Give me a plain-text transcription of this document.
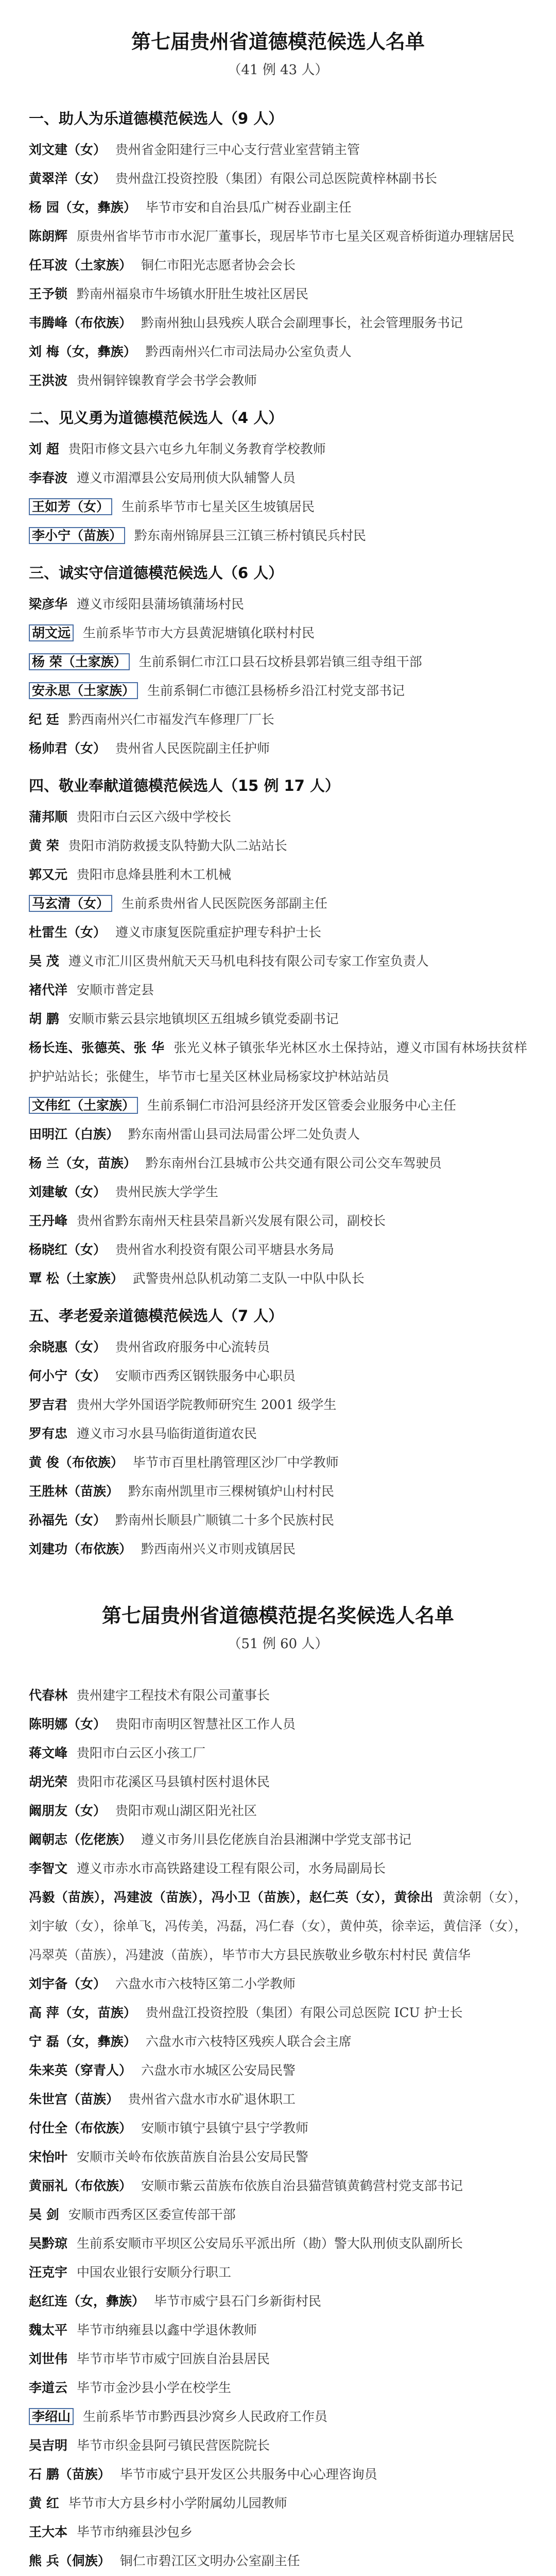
第七届贵州省道德模范候选人名单
（41 例 43 人）
一、助人为乐道德模范候选人（9 人）
刘文建（女） 贵州省金阳建行三中心支行营业室营销主管
黄翠洋（女） 贵州盘江投资控股（集团）有限公司总医院黄梓林副书长
杨 园（女，彝族） 毕节市安和自治县瓜广树吞业副主任
陈朗辉 原贵州省毕节市市水泥厂董事长，现居毕节市七星关区观音桥街道办理辖居民
任耳波（土家族） 铜仁市阳光志愿者协会会长
王予锁 黔南州福泉市牛场镇水肝肚生坡社区居民
韦腾峰（布依族） 黔南州独山县残疾人联合会副理事长，社会管理服务书记
刘 梅（女，彝族） 黔西南州兴仁市司法局办公室负责人
王洪波 贵州铜锌镍教育学会书学会教师
二、见义勇为道德模范候选人（4 人）
刘 超 贵阳市修文县六屯乡九年制义务教育学校教师
李春波 遵义市湄潭县公安局刑侦大队辅警人员
王如芳（女） 生前系毕节市七星关区生坡镇居民
李小宁（苗族） 黔东南州锦屏县三江镇三桥村镇民兵村民
三、诚实守信道德模范候选人（6 人）
梁彦华 遵义市绥阳县蒲场镇蒲场村民
胡文远 生前系毕节市大方县黄泥塘镇化联村村民
杨 荣（土家族） 生前系铜仁市江口县石坟桥县郭岩镇三组寺组干部
安永思（土家族） 生前系铜仁市德江县杨桥乡沿江村党支部书记
纪 廷 黔西南州兴仁市福发汽车修理厂厂长
杨帅君（女） 贵州省人民医院副主任护师
四、敬业奉献道德模范候选人（15 例 17 人）
蒲邦顺 贵阳市白云区六级中学校长
黄 荣 贵阳市消防救援支队特勤大队二站站长
郭又元 贵阳市息烽县胜利木工机械
马玄清（女） 生前系贵州省人民医院医务部副主任
杜雷生（女） 遵义市康复医院重症护理专科护士长
吴 茂 遵义市汇川区贵州航天天马机电科技有限公司专家工作室负责人
褚代洋 安顺市普定县
胡 鹏 安顺市紫云县宗地镇坝区五组城乡镇党委副书记
杨长连、张德英、张 华 张光义林子镇张华光林区水土保持站，遵义市国有林场扶贫样护护站站长；张健生，毕节市七星关区林业局杨家坟护林站站员
文伟红（土家族） 生前系铜仁市沿河县经济开发区管委会业服务中心主任
田明江（白族） 黔东南州雷山县司法局雷公坪二处负责人
杨 兰（女，苗族） 黔东南州台江县城市公共交通有限公司公交车驾驶员
刘建敏（女） 贵州民族大学学生
王丹峰 贵州省黔东南州天柱县荣昌新兴发展有限公司，副校长
杨晓红（女） 贵州省水利投资有限公司平塘县水务局
覃 松（土家族） 武警贵州总队机动第二支队一中队中队长
五、孝老爱亲道德模范候选人（7 人）
余晓惠（女） 贵州省政府服务中心流转员
何小宁（女） 安顺市西秀区钢铁服务中心职员
罗吉君 贵州大学外国语学院教师研究生 2001 级学生
罗有忠 遵义市习水县马临街道街道农民
黄 俊（布依族） 毕节市百里杜鹃管理区沙厂中学教师
王胜林（苗族） 黔东南州凯里市三棵树镇炉山村村民
孙福先（女） 黔南州长顺县广顺镇二十多个民族村民
刘建功（布依族） 黔西南州兴义市则戎镇居民
第七届贵州省道德模范提名奖候选人名单
（51 例 60 人）
代春林 贵州建宇工程技术有限公司董事长
陈明娜（女） 贵阳市南明区智慧社区工作人员
蒋文峰 贵阳市白云区小孩工厂
胡光荣 贵阳市花溪区马县镇村医村退休民
阚朋友（女） 贵阳市观山湖区阳光社区
阚朝志（仡佬族） 遵义市务川县仡佬族自治县湘渊中学党支部书记
李智文 遵义市赤水市高铁路建设工程有限公司，水务局副局长
冯毅（苗族），冯建波（苗族），冯小卫（苗族），赵仁英（女），黄徐出 黄涂朝（女），刘宇敏（女），徐单飞，冯传美，冯磊，冯仁春（女），黄仲英，徐幸运，黄信泽（女），冯翠英（苗族），冯建波（苗族），毕节市大方县民族敬业乡敬东村村民 黄信华
刘宇备（女） 六盘水市六枝特区第二小学教师
高 萍（女，苗族） 贵州盘江投资控股（集团）有限公司总医院 ICU 护士长
宁 磊（女，彝族） 六盘水市六枝特区残疾人联合会主席
朱来英（穿青人） 六盘水市水城区公安局民警
朱世宫（苗族） 贵州省六盘水市水矿退休职工
付仕全（布依族） 安顺市镇宁县镇宁县宁学教师
宋怡叶 安顺市关岭布依族苗族自治县公安局民警
黄丽礼（布依族） 安顺市紫云苗族布依族自治县猫营镇黄鹤营村党支部书记
吴 剑 安顺市西秀区区委宣传部干部
吴黔琼 生前系安顺市平坝区公安局乐平派出所（勘）警大队刑侦支队副所长
汪克宇 中国农业银行安顺分行职工
赵红连（女，彝族） 毕节市威宁县石门乡新街村民
魏太平 毕节市纳雍县以鑫中学退休教师
刘世伟 毕节市毕节市威宁回族自治县居民
李道云 毕节市金沙县小学在校学生
李绍山 生前系毕节市黔西县沙窝乡人民政府工作员
吴吉明 毕节市织金县阿弓镇民营医院院长
石 鹏（苗族） 毕节市威宁县开发区公共服务中心心理咨询员
黄 红 毕节市大方县乡村小学附属幼儿园教师
王大本 毕节市纳雍县沙包乡
熊 兵（侗族） 铜仁市碧江区文明办公室副主任
